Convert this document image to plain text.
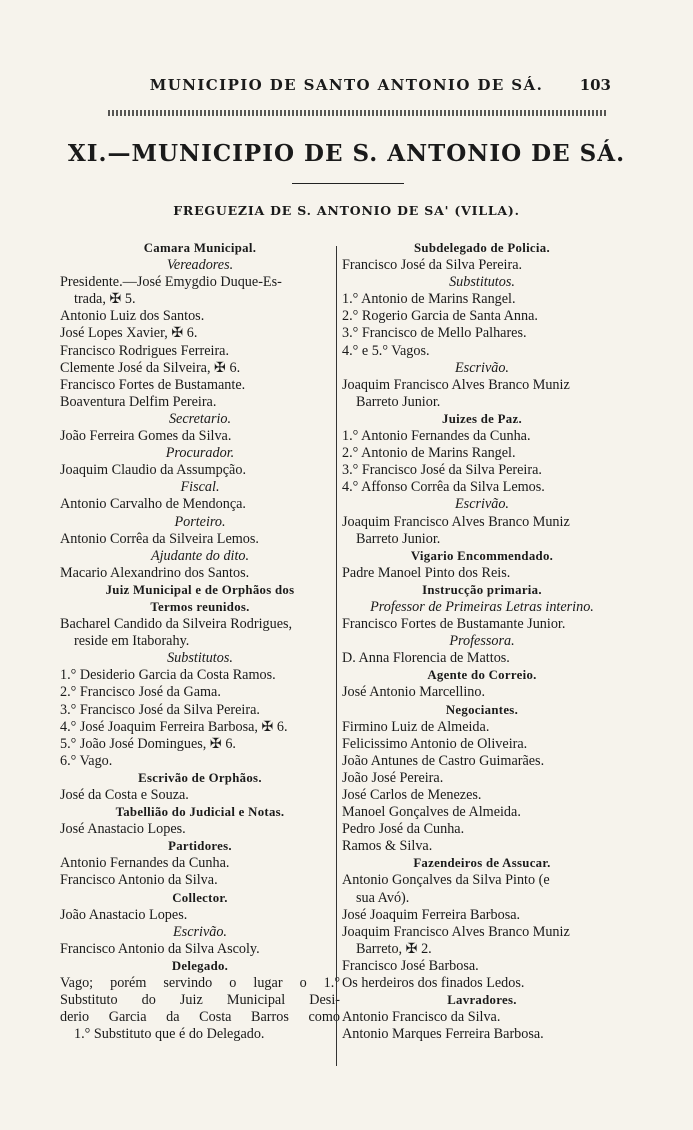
MUNICIPIO DE SANTO ANTONIO DE SÁ.	103
XI.—MUNICIPIO DE S. ANTONIO DE SÁ.
FREGUEZIA DE S. ANTONIO DE SA' (VILLA).
Camara Municipal.
Vereadores.
Presidente.—José Emygdio Duque-Es-
trada, ✠ 5.
Antonio Luiz dos Santos.
José Lopes Xavier, ✠ 6.
Francisco Rodrigues Ferreira.
Clemente José da Silveira, ✠ 6.
Francisco Fortes de Bustamante.
Boaventura Delfim Pereira.
Secretario.
João Ferreira Gomes da Silva.
Procurador.
Joaquim Claudio da Assumpção.
Fiscal.
Antonio Carvalho de Mendonça.
Porteiro.
Antonio Corrêa da Silveira Lemos.
Ajudante do dito.
Macario Alexandrino dos Santos.
Juiz Municipal e de Orphãos dos
Termos reunidos.
Bacharel Candido da Silveira Rodrigues,
reside em Itaborahy.
Substitutos.
1.° Desiderio Garcia da Costa Ramos.
2.° Francisco José da Gama.
3.° Francisco José da Silva Pereira.
4.° José Joaquim Ferreira Barbosa, ✠ 6.
5.° João José Domingues, ✠ 6.
6.° Vago.
Escrivão de Orphãos.
José da Costa e Souza.
Tabellião do Judicial e Notas.
José Anastacio Lopes.
Partidores.
Antonio Fernandes da Cunha.
Francisco Antonio da Silva.
Collector.
João Anastacio Lopes.
Escrivão.
Francisco Antonio da Silva Ascoly.
Delegado.
Vago; porém servindo o lugar o 1.°
Substituto do Juiz Municipal Desi-
derio Garcia da Costa Barros como
1.° Substituto que é do Delegado.
Subdelegado de Policia.
Francisco José da Silva Pereira.
Substitutos.
1.° Antonio de Marins Rangel.
2.° Rogerio Garcia de Santa Anna.
3.° Francisco de Mello Palhares.
4.° e 5.° Vagos.
Escrivão.
Joaquim Francisco Alves Branco Muniz
Barreto Junior.
Juizes de Paz.
1.° Antonio Fernandes da Cunha.
2.° Antonio de Marins Rangel.
3.° Francisco José da Silva Pereira.
4.° Affonso Corrêa da Silva Lemos.
Escrivão.
Joaquim Francisco Alves Branco Muniz
Barreto Junior.
Vigario Encommendado.
Padre Manoel Pinto dos Reis.
Instrucção primaria.
Professor de Primeiras Letras interino.
Francisco Fortes de Bustamante Junior.
Professora.
D. Anna Florencia de Mattos.
Agente do Correio.
José Antonio Marcellino.
Negociantes.
Firmino Luiz de Almeida.
Felicissimo Antonio de Oliveira.
João Antunes de Castro Guimarães.
João José Pereira.
José Carlos de Menezes.
Manoel Gonçalves de Almeida.
Pedro José da Cunha.
Ramos & Silva.
Fazendeiros de Assucar.
Antonio Gonçalves da Silva Pinto (e
sua Avó).
José Joaquim Ferreira Barbosa.
Joaquim Francisco Alves Branco Muniz
Barreto, ✠ 2.
Francisco José Barbosa.
Os herdeiros dos finados Ledos.
Lavradores.
Antonio Francisco da Silva.
Antonio Marques Ferreira Barbosa.
